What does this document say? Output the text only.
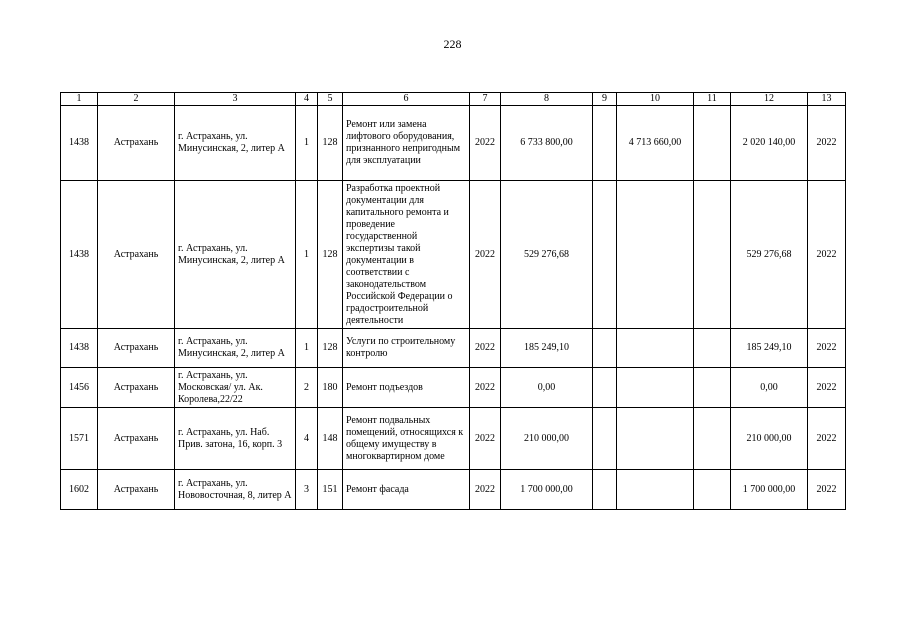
228
1	2	3	4	5	6	7	8	9	10	11	12	13
1438	Астрахань	г. Астрахань, ул. Минусинская, 2, литер А	1	128	Ремонт или замена лифтового оборудования, признанного непригодным для эксплуатации	2022	6 733 800,00		4 713 660,00		2 020 140,00	2022
1438	Астрахань	г. Астрахань, ул. Минусинская, 2, литер А	1	128	Разработка проектной документации для капитального ремонта и проведение государственной экспертизы такой документации в соответствии с законодательством Российской Федерации о градостроительной деятельности	2022	529 276,68				529 276,68	2022
1438	Астрахань	г. Астрахань, ул. Минусинская, 2, литер А	1	128	Услуги по строительному контролю	2022	185 249,10				185 249,10	2022
1456	Астрахань	г. Астрахань, ул. Московская/ ул. Ак. Королева,22/22	2	180	Ремонт подъездов	2022	0,00				0,00	2022
1571	Астрахань	г. Астрахань, ул. Наб. Прив. затона, 16, корп. 3	4	148	Ремонт подвальных помещений, относящихся к общему имуществу в многоквартирном доме	2022	210 000,00				210 000,00	2022
1602	Астрахань	г. Астрахань, ул. Нововосточная, 8, литер А	3	151	Ремонт фасада	2022	1 700 000,00				1 700 000,00	2022
